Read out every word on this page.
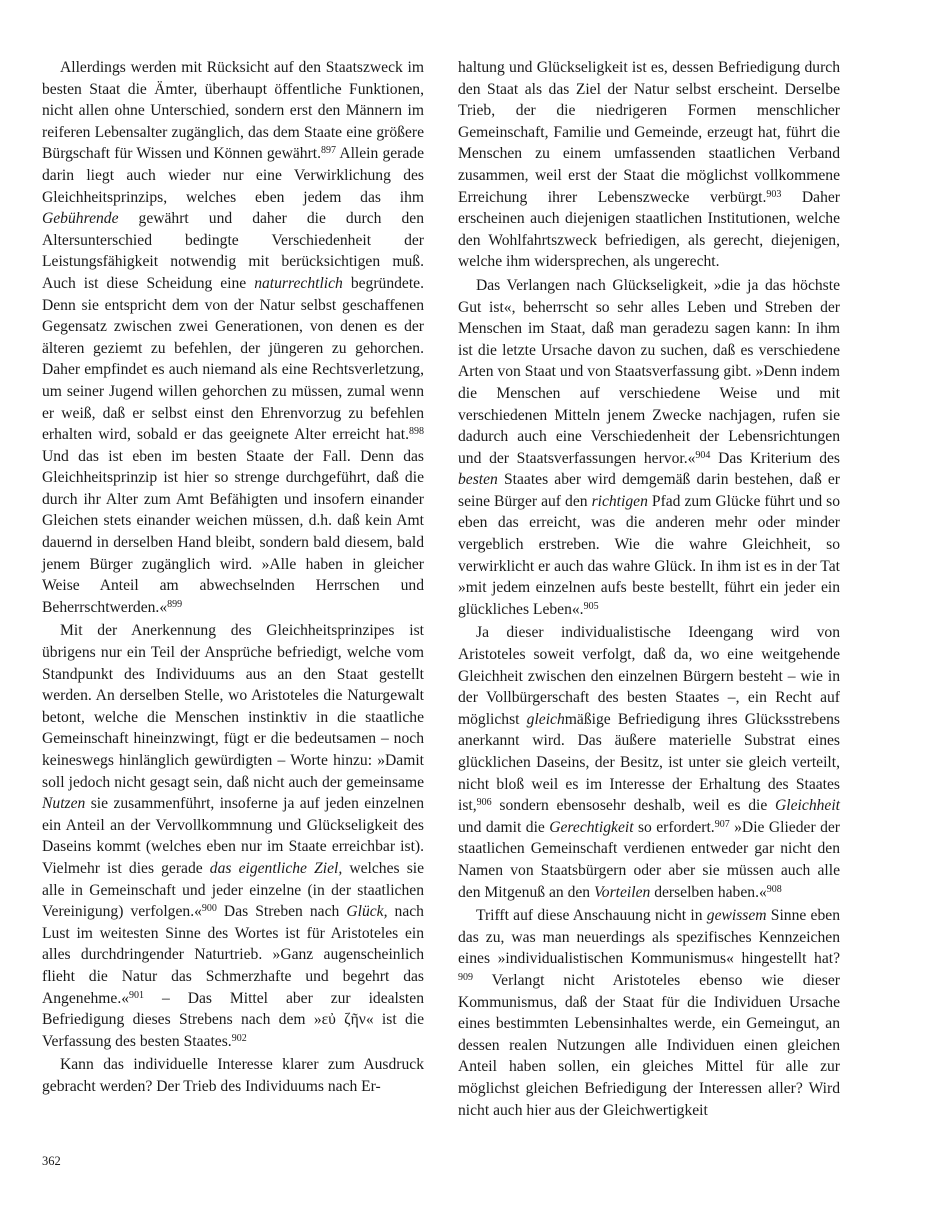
Allerdings werden mit Rücksicht auf den Staatszweck im besten Staat die Ämter, überhaupt öffentliche Funktionen, nicht allen ohne Unterschied, sondern erst den Männern im reiferen Lebensalter zugänglich, das dem Staate eine größere Bürgschaft für Wissen und Können gewährt.$^{897}$ Allein gerade darin liegt auch wieder nur eine Verwirklichung des Gleichheitsprinzips, welches eben jedem das ihm Gebührende gewährt und daher die durch den Altersunterschied bedingte Verschiedenheit der Leistungsfähigkeit notwendig mit berücksichtigen muß. Auch ist diese Scheidung eine naturrechtlich begründete. Denn sie entspricht dem von der Natur selbst geschaffenen Gegensatz zwischen zwei Generationen, von denen es der älteren geziemt zu befehlen, der jüngeren zu gehorchen. Daher empfindet es auch niemand als eine Rechtsverletzung, um seiner Jugend willen gehorchen zu müssen, zumal wenn er weiß, daß er selbst einst den Ehrenvorzug zu befehlen erhalten wird, sobald er das geeignete Alter erreicht hat.$^{898}$ Und das ist eben im besten Staate der Fall. Denn das Gleichheitsprinzip ist hier so strenge durchgeführt, daß die durch ihr Alter zum Amt Befähigten und insofern einander Gleichen stets einander weichen müssen, d.h. daß kein Amt dauernd in derselben Hand bleibt, sondern bald diesem, bald jenem Bürger zugänglich wird. »Alle haben in gleicher Weise Anteil am abwechselnden Herrschen und Beherrschtwerden.«$^{899}$

Mit der Anerkennung des Gleichheitsprinzipes ist übrigens nur ein Teil der Ansprüche befriedigt, welche vom Standpunkt des Individuums aus an den Staat gestellt werden. An derselben Stelle, wo Aristoteles die Naturgewalt betont, welche die Menschen instinktiv in die staatliche Gemeinschaft hineinzwingt, fügt er die bedeutsamen – noch keineswegs hinlänglich gewürdigten – Worte hinzu: »Damit soll jedoch nicht gesagt sein, daß nicht auch der gemeinsame Nutzen sie zusammenführt, insoferne ja auf jeden einzelnen ein Anteil an der Vervollkommnung und Glückseligkeit des Daseins kommt (welches eben nur im Staate erreichbar ist). Vielmehr ist dies gerade das eigentliche Ziel, welches sie alle in Gemeinschaft und jeder einzelne (in der staatlichen Vereinigung) verfolgen.«$^{900}$ Das Streben nach Glück, nach Lust im weitesten Sinne des Wortes ist für Aristoteles ein alles durchdringender Naturtrieb. »Ganz augenscheinlich flieht die Natur das Schmerzhafte und begehrt das Angenehme.«$^{901}$ – Das Mittel aber zur idealsten Befriedigung dieses Strebens nach dem »εὐ ζῆν« ist die Verfassung des besten Staates.$^{902}$

Kann das individuelle Interesse klarer zum Ausdruck gebracht werden? Der Trieb des Individuums nach Er-

haltung und Glückseligkeit ist es, dessen Befriedigung durch den Staat als das Ziel der Natur selbst erscheint. Derselbe Trieb, der die niedrigeren Formen menschlicher Gemeinschaft, Familie und Gemeinde, erzeugt hat, führt die Menschen zu einem umfassenden staatlichen Verband zusammen, weil erst der Staat die möglichst vollkommene Erreichung ihrer Lebenszwecke verbürgt.$^{903}$ Daher erscheinen auch diejenigen staatlichen Institutionen, welche den Wohlfahrtszweck befriedigen, als gerecht, diejenigen, welche ihm widersprechen, als ungerecht.

Das Verlangen nach Glückseligkeit, »die ja das höchste Gut ist«, beherrscht so sehr alles Leben und Streben der Menschen im Staat, daß man geradezu sagen kann: In ihm ist die letzte Ursache davon zu suchen, daß es verschiedene Arten von Staat und von Staatsverfassung gibt. »Denn indem die Menschen auf verschiedene Weise und mit verschiedenen Mitteln jenem Zwecke nachjagen, rufen sie dadurch auch eine Verschiedenheit der Lebensrichtungen und der Staatsverfassungen hervor.«$^{904}$ Das Kriterium des besten Staates aber wird demgemäß darin bestehen, daß er seine Bürger auf den richtigen Pfad zum Glücke führt und so eben das erreicht, was die anderen mehr oder minder vergeblich erstreben. Wie die wahre Gleichheit, so verwirklicht er auch das wahre Glück. In ihm ist es in der Tat »mit jedem einzelnen aufs beste bestellt, führt ein jeder ein glückliches Leben«.$^{905}$

Ja dieser individualistische Ideengang wird von Aristoteles soweit verfolgt, daß da, wo eine weitgehende Gleichheit zwischen den einzelnen Bürgern besteht – wie in der Vollbürgerschaft des besten Staates –, ein Recht auf möglichst gleichmäßige Befriedigung ihres Glücksstrebens anerkannt wird. Das äußere materielle Substrat eines glücklichen Daseins, der Besitz, ist unter sie gleich verteilt, nicht bloß weil es im Interesse der Erhaltung des Staates ist,$^{906}$ sondern ebensosehr deshalb, weil es die Gleichheit und damit die Gerechtigkeit so erfordert.$^{907}$ »Die Glieder der staatlichen Gemeinschaft verdienen entweder gar nicht den Namen von Staatsbürgern oder aber sie müssen auch alle den Mitgenuß an den Vorteilen derselben haben.«$^{908}$

Trifft auf diese Anschauung nicht in gewissem Sinne eben das zu, was man neuerdings als spezifisches Kennzeichen eines »individualistischen Kommunismus« hingestellt hat?$^{909}$ Verlangt nicht Aristoteles ebenso wie dieser Kommunismus, daß der Staat für die Individuen Ursache eines bestimmten Lebensinhaltes werde, ein Gemeingut, an dessen realen Nutzungen alle Individuen einen gleichen Anteil haben sollen, ein gleiches Mittel für alle zur möglichst gleichen Befriedigung der Interessen aller? Wird nicht auch hier aus der Gleichwertigkeit

362
